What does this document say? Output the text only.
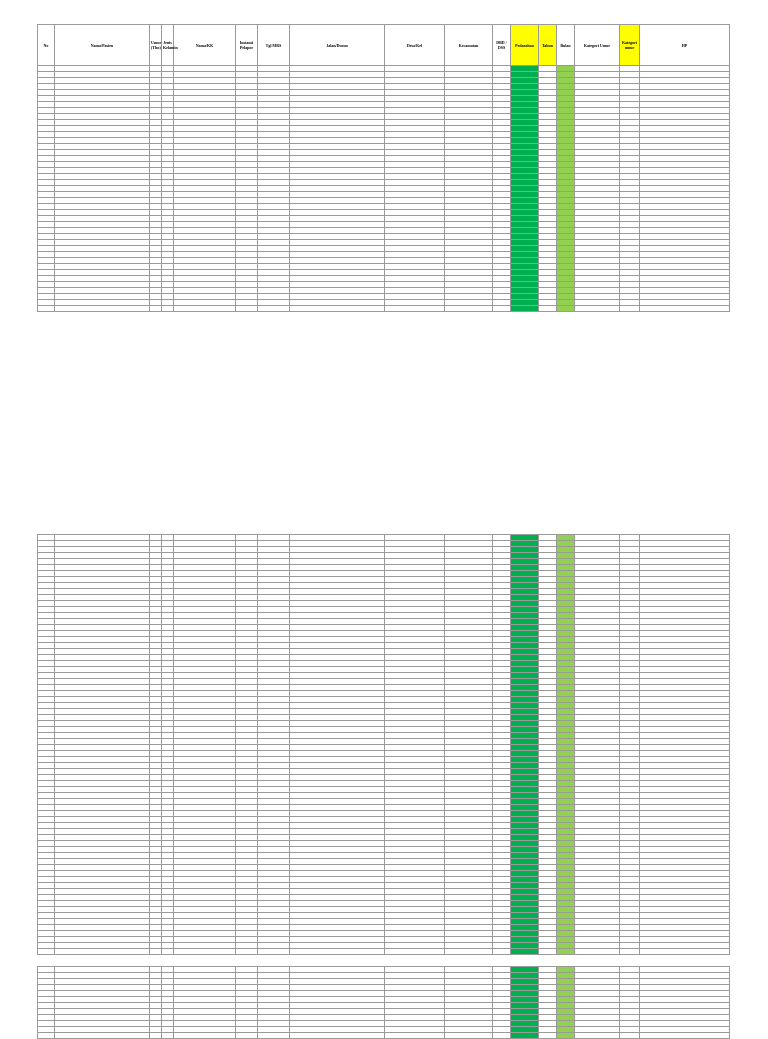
No	Nama/Pasien	Umur (Thn)	Jenis Kelamin	Nama/KK	Instansi Pelapor	Tgl MRS	Jalan/Dusun	Desa/Kel	Kecamatan	DBD / DSS	Pedarahan	Tahun	Bulan	Kategori Umur	Kategori umur	HP
